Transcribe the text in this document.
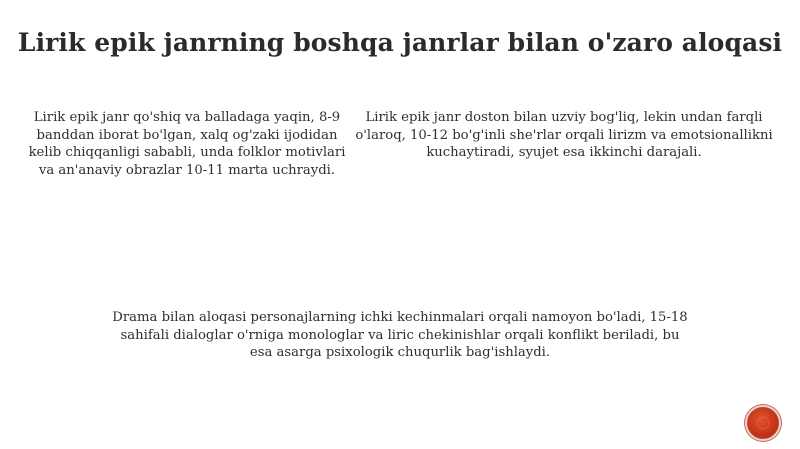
Lirik epik janrning boshqa janrlar bilan o'zaro aloqasi

Lirik epik janr qo'shiq va balladaga yaqin, 8-9 banddan iborat bo'lgan, xalq og'zaki ijodidan kelib chiqqanligi sababli, unda folklor motivlari va an'anaviy obrazlar 10-11 marta uchraydi.

Lirik epik janr doston bilan uzviy bog'liq, lekin undan farqli o'laroq, 10-12 bo'g'inli she'rlar orqali lirizm va emotsionallikni kuchaytiradi, syujet esa ikkinchi darajali.

Drama bilan aloqasi personajlarning ichki kechinmalari orqali namoyon bo'ladi, 15-18 sahifali dialoglar o'rniga monologlar va liric chekinishlar orqali konflikt beriladi, bu esa asarga psixologik chuqurlik bag'ishlaydi.
